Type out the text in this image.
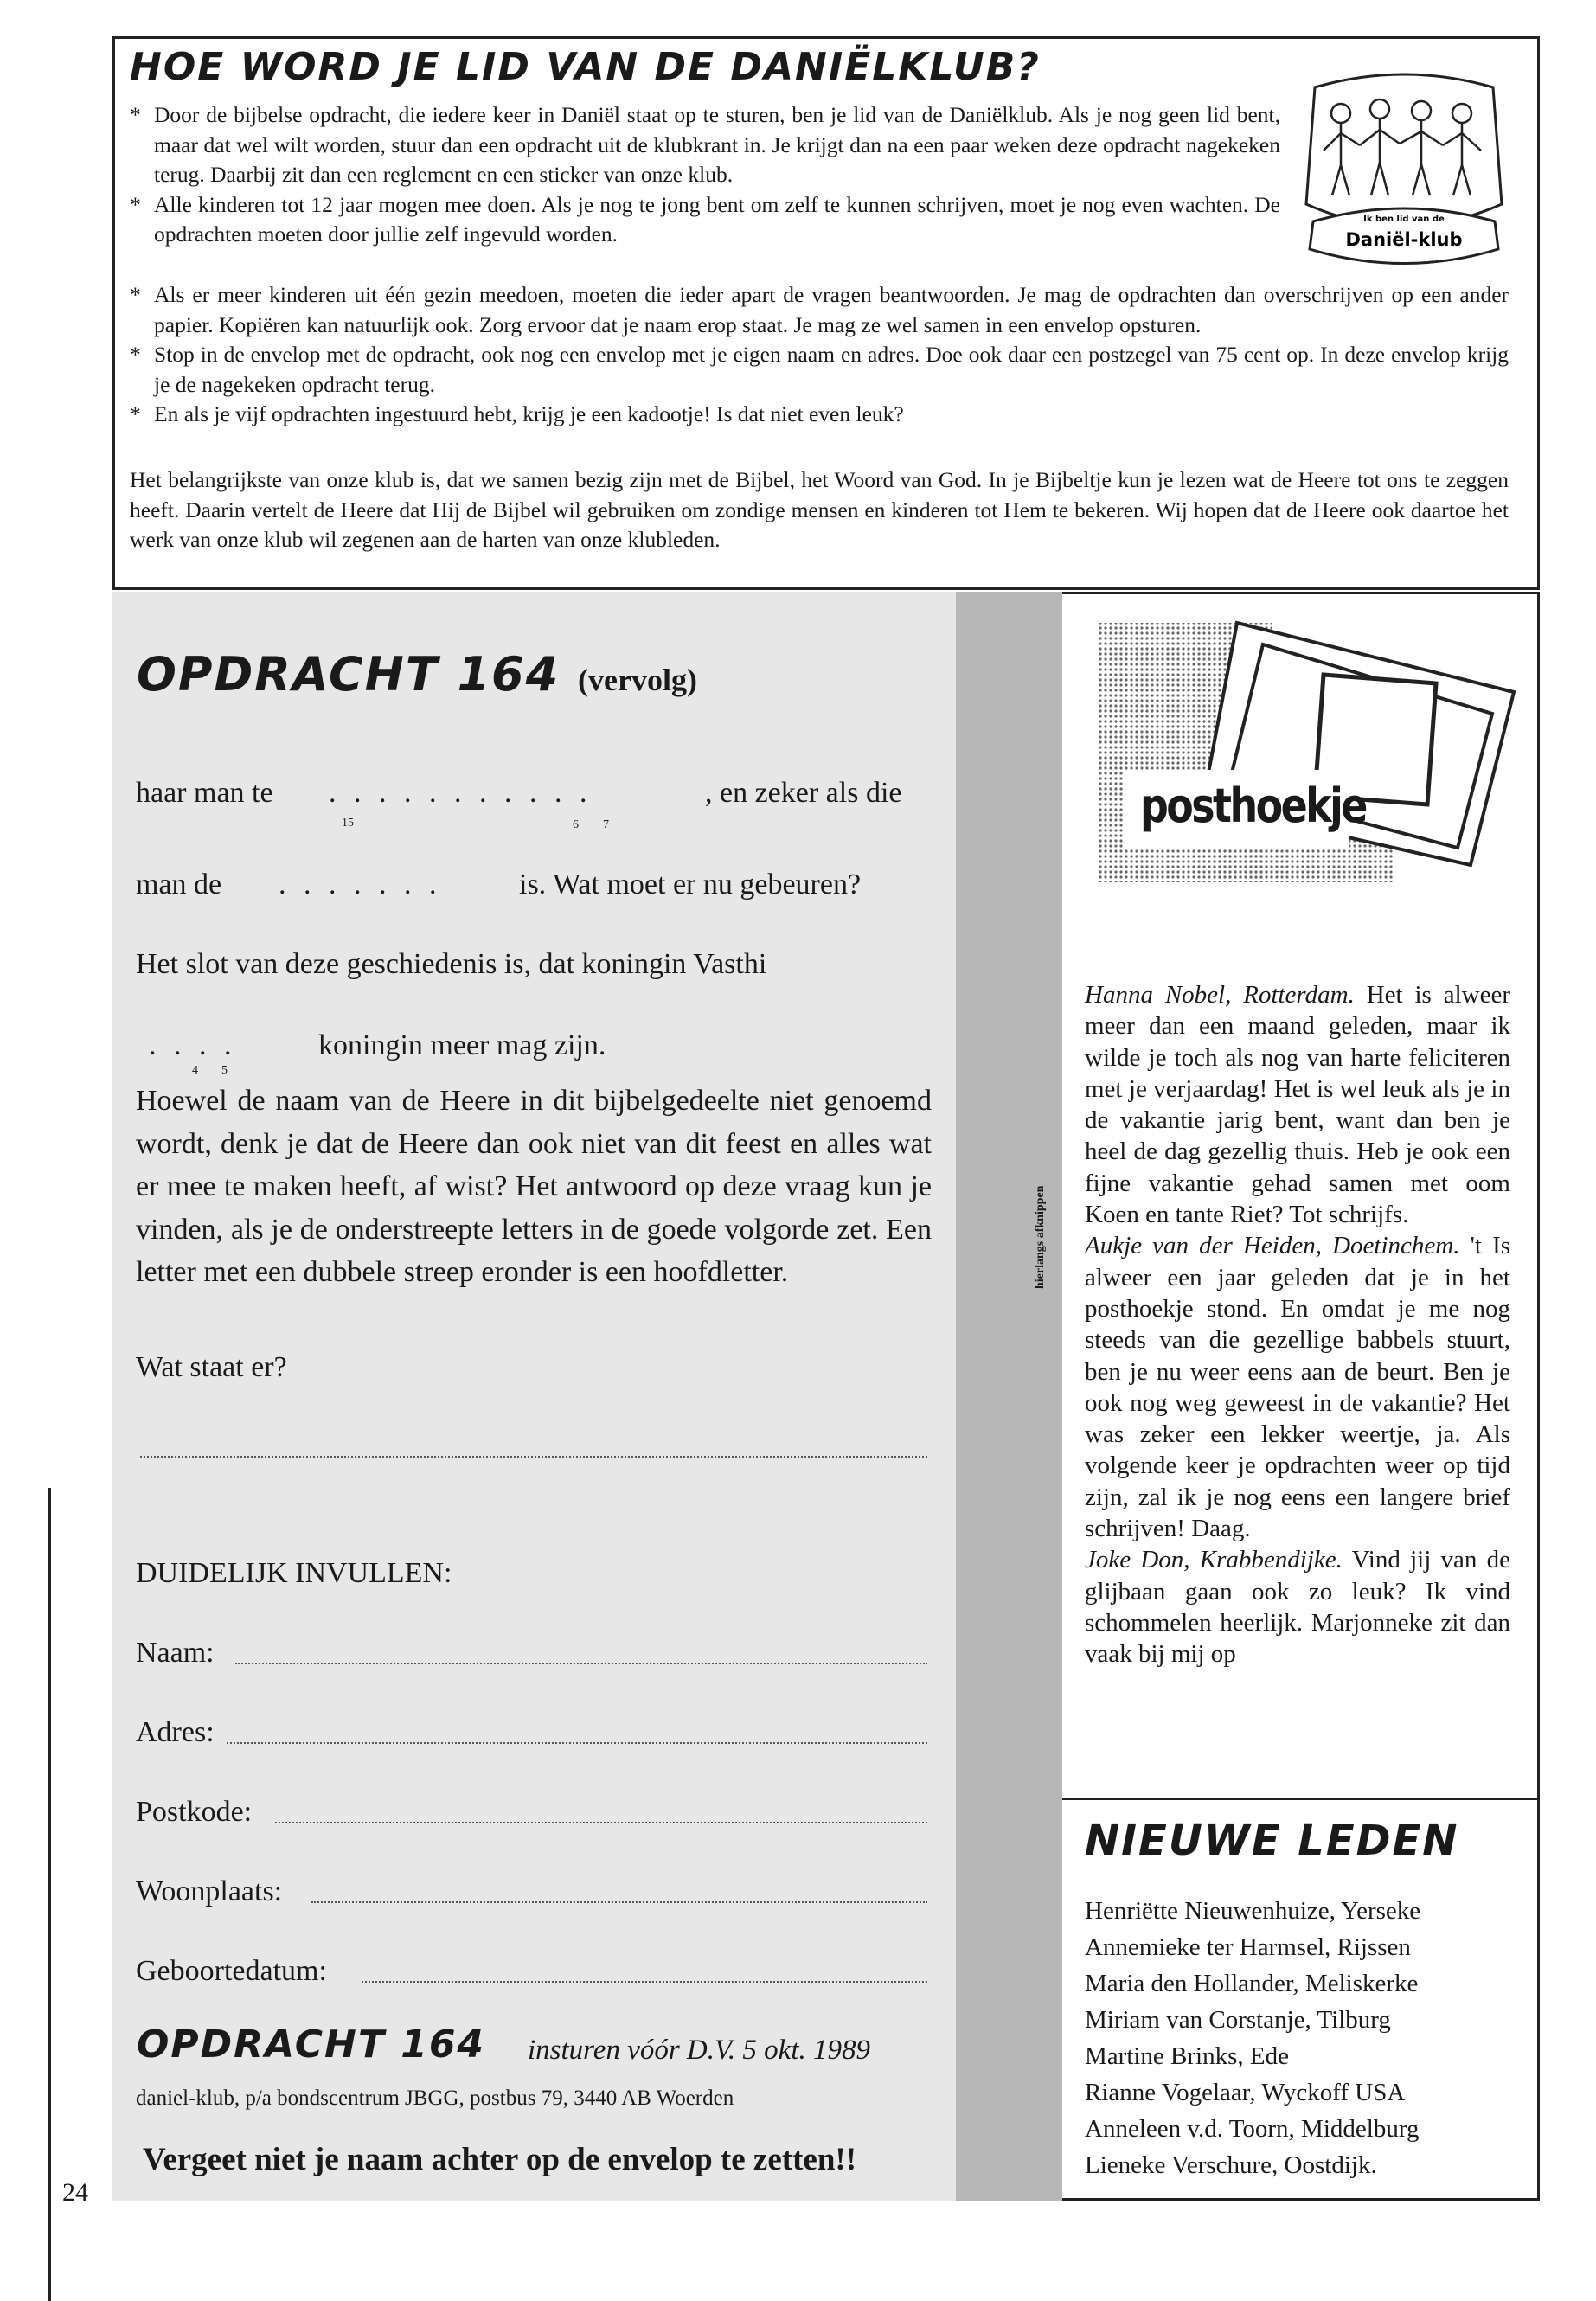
HOE WORD JE LID VAN DE DANIËLKLUB?

* Door de bijbelse opdracht, die iedere keer in Daniël staat op te sturen, ben je lid van de Daniëlklub. Als je nog geen lid bent, maar dat wel wilt worden, stuur dan een opdracht uit de klubkrant in. Je krijgt dan na een paar weken deze opdracht nagekeken terug. Daarbij zit dan een reglement en een sticker van onze klub.

* Alle kinderen tot 12 jaar mogen mee doen. Als je nog te jong bent om zelf te kunnen schrijven, moet je nog even wachten. De opdrachten moeten door jullie zelf ingevuld worden.

* Als er meer kinderen uit één gezin meedoen, moeten die ieder apart de vragen beantwoorden. Je mag de opdrachten dan overschrijven op een ander papier. Kopiëren kan natuurlijk ook. Zorg ervoor dat je naam erop staat. Je mag ze wel samen in een envelop opsturen.

* Stop in de envelop met de opdracht, ook nog een envelop met je eigen naam en adres. Doe ook daar een postzegel van 75 cent op. In deze envelop krijg je de nagekeken opdracht terug.

* En als je vijf opdrachten ingestuurd hebt, krijg je een kadootje! Is dat niet even leuk?

Het belangrijkste van onze klub is, dat we samen bezig zijn met de Bijbel, het Woord van God. In je Bijbeltje kun je lezen wat de Heere tot ons te zeggen heeft. Daarin vertelt de Heere dat Hij de Bijbel wil gebruiken om zondige mensen en kinderen tot Hem te bekeren. Wij hopen dat de Heere ook daartoe het werk van onze klub wil zegenen aan de harten van onze klubleden.

Ik ben lid van de
Daniël-klub
hierlangs afknippen
OPDRACHT 164 (vervolg)
haar man te . . . . . . . . . . .	, en zeker als die
15	6 7
man de . . . . . . .	is. Wat moet er nu gebeuren?
Het slot van deze geschiedenis is, dat koningin Vasthi
. . . .	koningin meer mag zijn.
4 5

Hoewel de naam van de Heere in dit bijbelgedeelte niet genoemd wordt, denk je dat de Heere dan ook niet van dit feest en alles wat er mee te maken heeft, af wist? Het antwoord op deze vraag kun je vinden, als je de onderstreepte letters in de goede volgorde zet. Een letter met een dubbele streep eronder is een hoofdletter.

Wat staat er?
DUIDELIJK INVULLEN:
Naam:
Adres:
Postkode:
Woonplaats:
Geboortedatum:
OPDRACHT 164 insturen vóór D.V. 5 okt. 1989
daniel-klub, p/a bondscentrum JBGG, postbus 79, 3440 AB Woerden
Vergeet niet je naam achter op de envelop te zetten!!
posthoekje
Hanna Nobel, Rotterdam. Het is alweer meer dan een maand geleden, maar ik wilde je toch als nog van harte feliciteren met je verjaardag! Het is wel leuk als je in de vakantie jarig bent, want dan ben je heel de dag gezellig thuis. Heb je ook een fijne vakantie gehad samen met oom Koen en tante Riet? Tot schrijfs.
Aukje van der Heiden, Doetinchem. 't Is alweer een jaar geleden dat je in het posthoekje stond. En omdat je me nog steeds van die gezellige babbels stuurt, ben je nu weer eens aan de beurt. Ben je ook nog weg geweest in de vakantie? Het was zeker een lekker weertje, ja. Als volgende keer je opdrachten weer op tijd zijn, zal ik je nog eens een langere brief schrijven! Daag.
Joke Don, Krabbendijke. Vind jij van de glijbaan gaan ook zo leuk? Ik vind schommelen heerlijk. Marjonneke zit dan vaak bij mij op
NIEUWE LEDEN
Henriëtte Nieuwenhuize, Yerseke
Annemieke ter Harmsel, Rijssen
Maria den Hollander, Meliskerke
Miriam van Corstanje, Tilburg
Martine Brinks, Ede
Rianne Vogelaar, Wyckoff USA
Anneleen v.d. Toorn, Middelburg
Lieneke Verschure, Oostdijk.
24
